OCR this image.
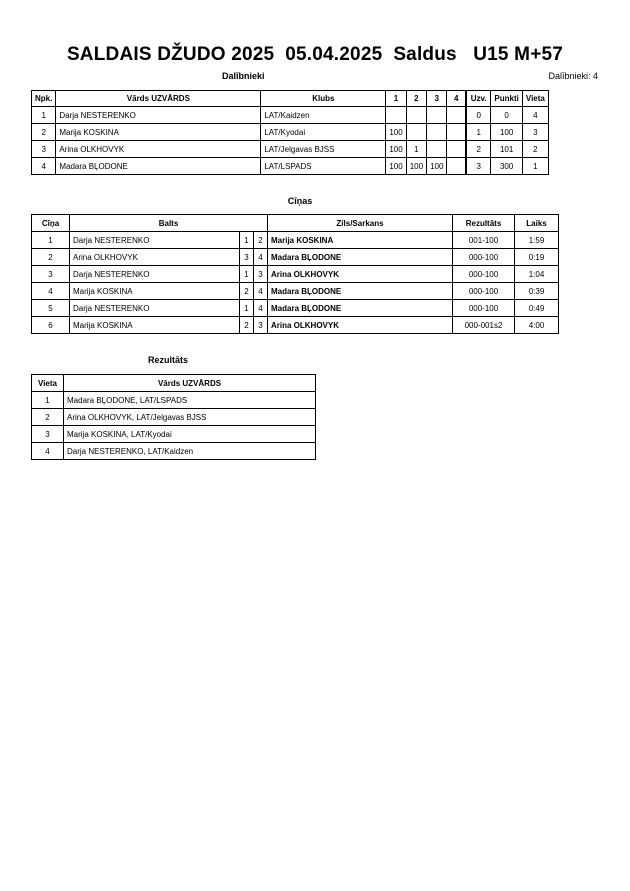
SALDAIS DŽUDO 2025  05.04.2025  Saldus   U15 M+57
Dalībnieki	Dalībnieki: 4
Npk.	Vārds UZVĀRDS	Klubs	1	2	3	4	Uzv.	Punkti	Vieta
1	Darja NESTERENKO	LAT/Kaidzen					0	0	4
2	Marija KOSKINA	LAT/Kyodai	100				1	100	3
3	Arina OLKHOVYK	LAT/Jelgavas BJSS	100	1			2	101	2
4	Madara BĻODONE	LAT/LSPADS	100	100	100		3	300	1
Cīņas
Cīņa	Balts			Zils/Sarkans	Rezultāts	Laiks
1	Darja NESTERENKO	1	2	Marija KOSKINA	001-100	1:59
2	Arina OLKHOVYK	3	4	Madara BĻODONE	000-100	0:19
3	Darja NESTERENKO	1	3	Arina OLKHOVYK	000-100	1:04
4	Marija KOSKINA	2	4	Madara BĻODONE	000-100	0:39
5	Darja NESTERENKO	1	4	Madara BĻODONE	000-100	0:49
6	Marija KOSKINA	2	3	Arina OLKHOVYK	000-001s2	4:00
Rezultāts
Vieta	Vārds UZVĀRDS
1	Madara BĻODONE, LAT/LSPADS
2	Arina OLKHOVYK, LAT/Jelgavas BJSS
3	Marija KOSKINA, LAT/Kyodai
4	Darja NESTERENKO, LAT/Kaidzen
